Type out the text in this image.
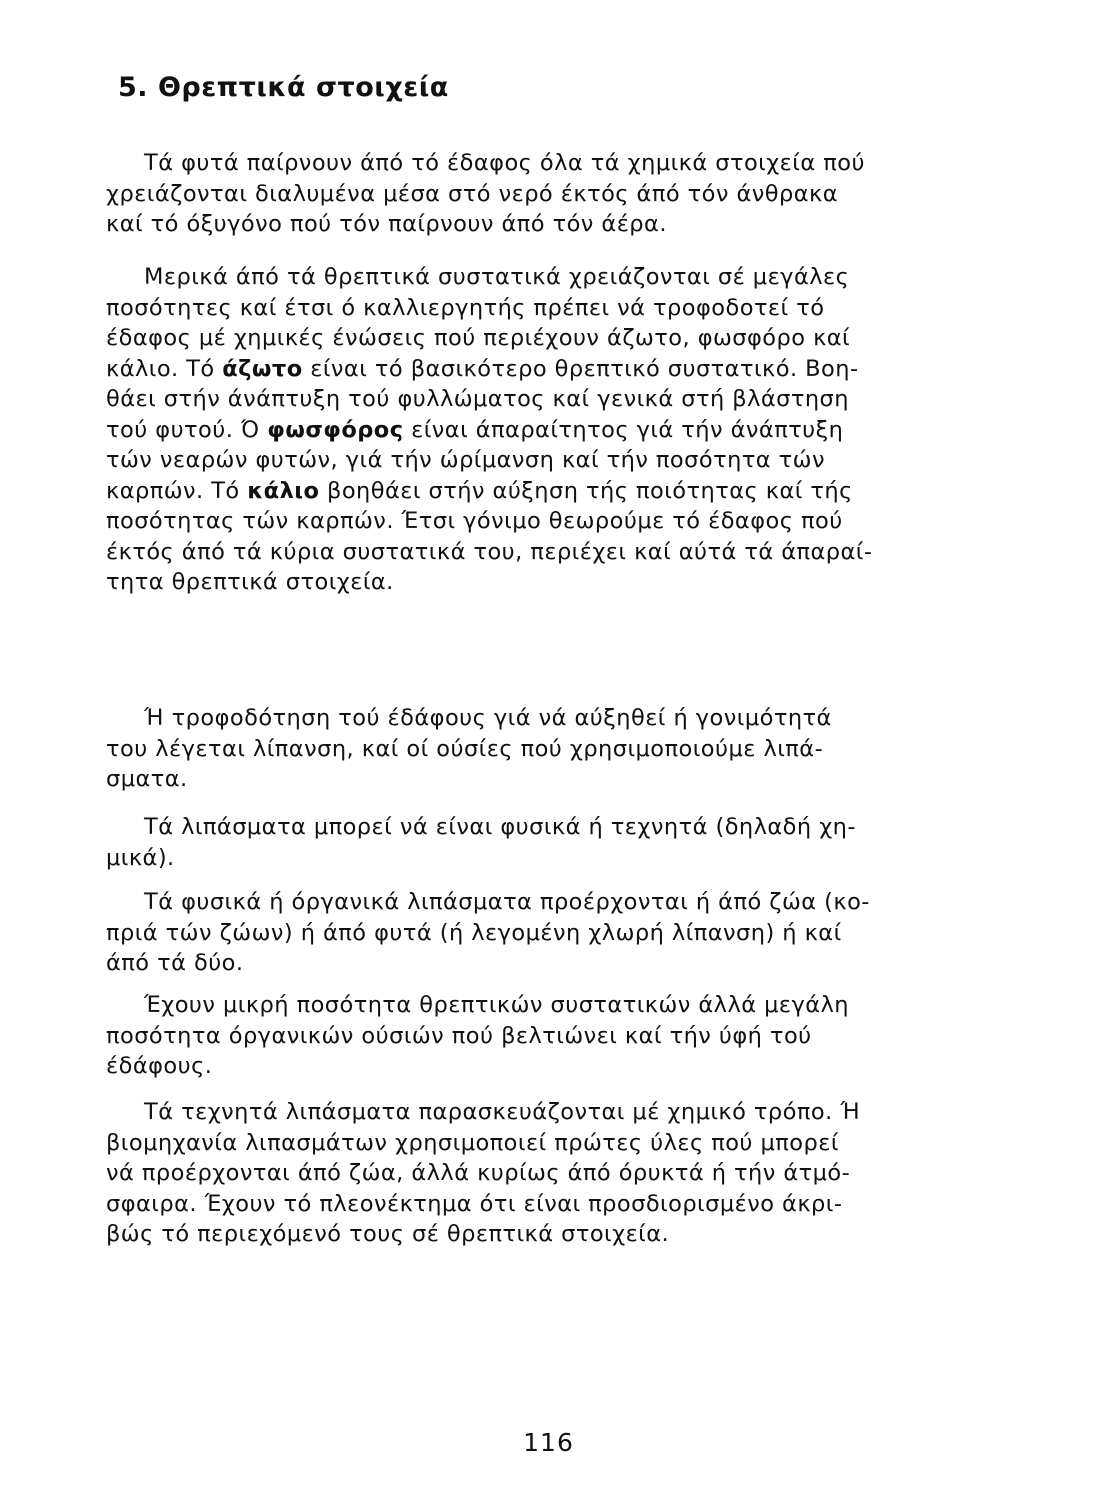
5. Θρεπτικά στοιχεία
Τά φυτά παίρνουν άπό τό έδαφος όλα τά χημικά στοιχεία πού
χρειάζονται διαλυμένα μέσα στό νερό έκτός άπό τόν άνθρακα
καί τό όξυγόνο πού τόν παίρνουν άπό τόν άέρα.
Μερικά άπό τά θρεπτικά συστατικά χρειάζονται σέ μεγάλες
ποσότητες καί έτσι ό καλλιεργητής πρέπει νά τροφοδοτεί τό
έδαφος μέ χημικές ένώσεις πού περιέχουν άζωτο, φωσφόρο καί
κάλιο. Τό άζωτο είναι τό βασικότερο θρεπτικό συστατικό. Βοη-
θάει στήν άνάπτυξη τού φυλλώματος καί γενικά στή βλάστηση
τού φυτού. Ό φωσφόρος είναι άπαραίτητος γιά τήν άνάπτυξη
τών νεαρών φυτών, γιά τήν ώρίμανση καί τήν ποσότητα τών
καρπών. Τό κάλιο βοηθάει στήν αύξηση τής ποιότητας καί τής
ποσότητας τών καρπών. Έτσι γόνιμο θεωρούμε τό έδαφος πού
έκτός άπό τά κύρια συστατικά του, περιέχει καί αύτά τά άπαραί-
τητα θρεπτικά στοιχεία.
Ή τροφοδότηση τού έδάφους γιά νά αύξηθεί ή γονιμότητά
του λέγεται λίπανση, καί οί ούσίες πού χρησιμοποιούμε λιπά-
σματα.
Τά λιπάσματα μπορεί νά είναι φυσικά ή τεχνητά (δηλαδή χη-
μικά).
Τά φυσικά ή όργανικά λιπάσματα προέρχονται ή άπό ζώα (κο-
πριά τών ζώων) ή άπό φυτά (ή λεγομένη χλωρή λίπανση) ή καί
άπό τά δύο.
Έχουν μικρή ποσότητα θρεπτικών συστατικών άλλά μεγάλη
ποσότητα όργανικών ούσιών πού βελτιώνει καί τήν ύφή τού
έδάφους.
Τά τεχνητά λιπάσματα παρασκευάζονται μέ χημικό τρόπο. Ή
βιομηχανία λιπασμάτων χρησιμοποιεί πρώτες ύλες πού μπορεί
νά προέρχονται άπό ζώα, άλλά κυρίως άπό όρυκτά ή τήν άτμό-
σφαιρα. Έχουν τό πλεονέκτημα ότι είναι προσδιορισμένο άκρι-
βώς τό περιεχόμενό τους σέ θρεπτικά στοιχεία.
116
